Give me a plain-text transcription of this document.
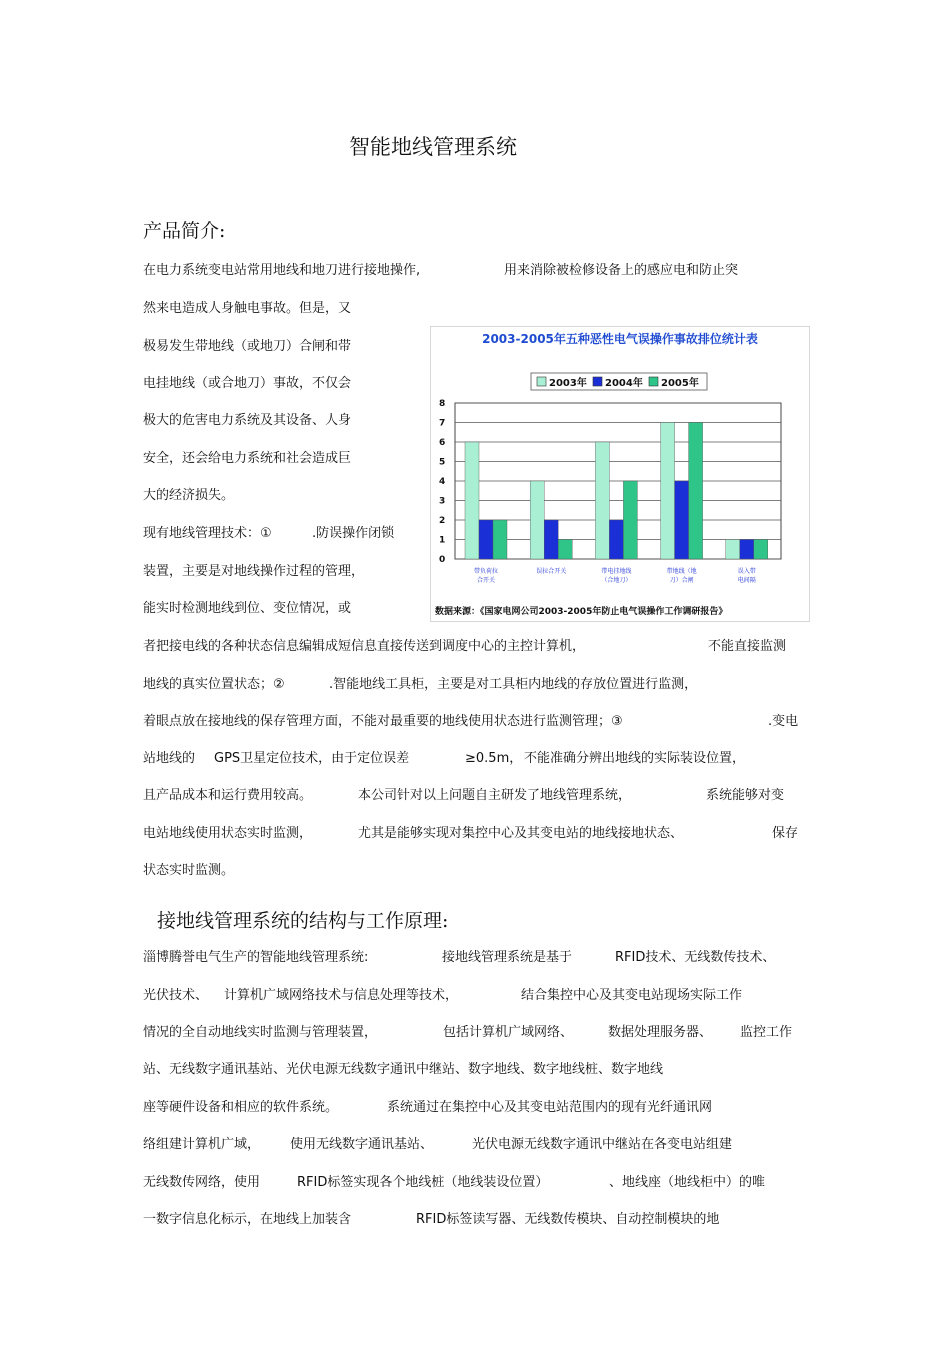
智能地线管理系统
产品简介:
在电力系统变电站常用地线和地刀进行接地操作,	用来消除被检修设备上的感应电和防止突
然来电造成人身触电事故。但是，又
极易发生带地线（或地刀）合闸和带
电挂地线（或合地刀）事故，不仅会
极大的危害电力系统及其设备、人身
安全，还会给电力系统和社会造成巨
大的经济损失。
现有地线管理技术：①	.防误操作闭锁
装置，主要是对地线操作过程的管理，
能实时检测地线到位、变位情况，或
者把接电线的各种状态信息编辑成短信息直接传送到调度中心的主控计算机，	不能直接监测
地线的真实位置状态；②	.智能地线工具柜，主要是对工具柜内地线的存放位置进行监测，
着眼点放在接地线的保存管理方面，不能对最重要的地线使用状态进行监测管理；③	.变电
站地线的 GPS卫星定位技术，由于定位误差	≥0.5m， 不能准确分辨出地线的实际装设位置，
且产品成本和运行费用较高。	本公司针对以上问题自主研发了地线管理系统，	系统能够对变
电站地线使用状态实时监测，	尤其是能够实现对集控中心及其变电站的地线接地状态、	保存
状态实时监测。
2003-2005年五种恶性电气误操作事故排位统计表
2003年 2004年 2005年
0
1
2
3
4
5
6
7
8
带负荷拉
合开关
误拉合开关	带电挂地线
（合地刀）
带地线（地
刀）合闸
误入带
电间隔
数据来源：《国家电网公司2003-2005年防止电气误操作工作调研报告》
接地线管理系统的结构与工作原理:
淄博腾誉电气生产的智能地线管理系统:	接地线管理系统是基于	RFID技术、无线数传技术、
光伏技术、 计算机广域网络技术与信息处理等技术，	结合集控中心及其变电站现场实际工作
情况的全自动地线实时监测与管理装置，	包括计算机广域网络、	数据处理服务器、 监控工作
站、无线数字通讯基站、光伏电源无线数字通讯中继站、数字地线、数字地线桩、数字地线
座等硬件设备和相应的软件系统。	系统通过在集控中心及其变电站范围内的现有光纤通讯网
络组建计算机广域， 使用无线数字通讯基站、	光伏电源无线数字通讯中继站在各变电站组建
无线数传网络，使用	RFID标签实现各个地线桩（地线装设位置）	、地线座（地线柜中）的唯
一数字信息化标示，在地线上加装含	RFID标签读写器、无线数传模块、自动控制模块的地
